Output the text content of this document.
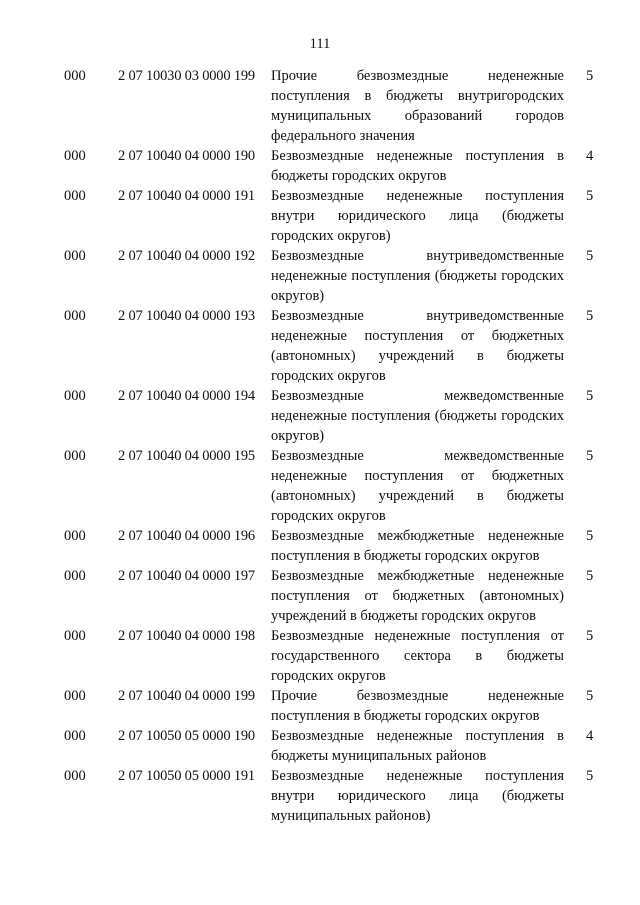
111
000 2 07 10030 03 0000 199 Прочие безвозмездные неденежные поступления в бюджеты внутригородских муниципальных образований городов федерального значения
5
000 2 07 10040 04 0000 190 Безвозмездные неденежные поступления в бюджеты городских округов
4
000 2 07 10040 04 0000 191 Безвозмездные неденежные поступления внутри юридического лица (бюджеты городских округов)
5
000 2 07 10040 04 0000 192 Безвозмездные внутриведомственные неденежные поступления (бюджеты городских округов)
5
000 2 07 10040 04 0000 193 Безвозмездные внутриведомственные неденежные поступления от бюджетных (автономных) учреждений в бюджеты городских округов
5
000 2 07 10040 04 0000 194 Безвозмездные межведомственные неденежные поступления (бюджеты городских округов)
5
000 2 07 10040 04 0000 195 Безвозмездные межведомственные неденежные поступления от бюджетных (автономных) учреждений в бюджеты городских округов
5
000 2 07 10040 04 0000 196 Безвозмездные межбюджетные неденежные поступления в бюджеты городских округов
5
000 2 07 10040 04 0000 197 Безвозмездные межбюджетные неденежные поступления от бюджетных (автономных) учреждений в бюджеты городских округов
5
000 2 07 10040 04 0000 198 Безвозмездные неденежные поступления от государственного сектора в бюджеты городских округов
5
000 2 07 10040 04 0000 199 Прочие безвозмездные неденежные поступления в бюджеты городских округов
5
000 2 07 10050 05 0000 190 Безвозмездные неденежные поступления в бюджеты муниципальных районов
4
000 2 07 10050 05 0000 191 Безвозмездные неденежные поступления внутри юридического лица (бюджеты муниципальных районов)
5
